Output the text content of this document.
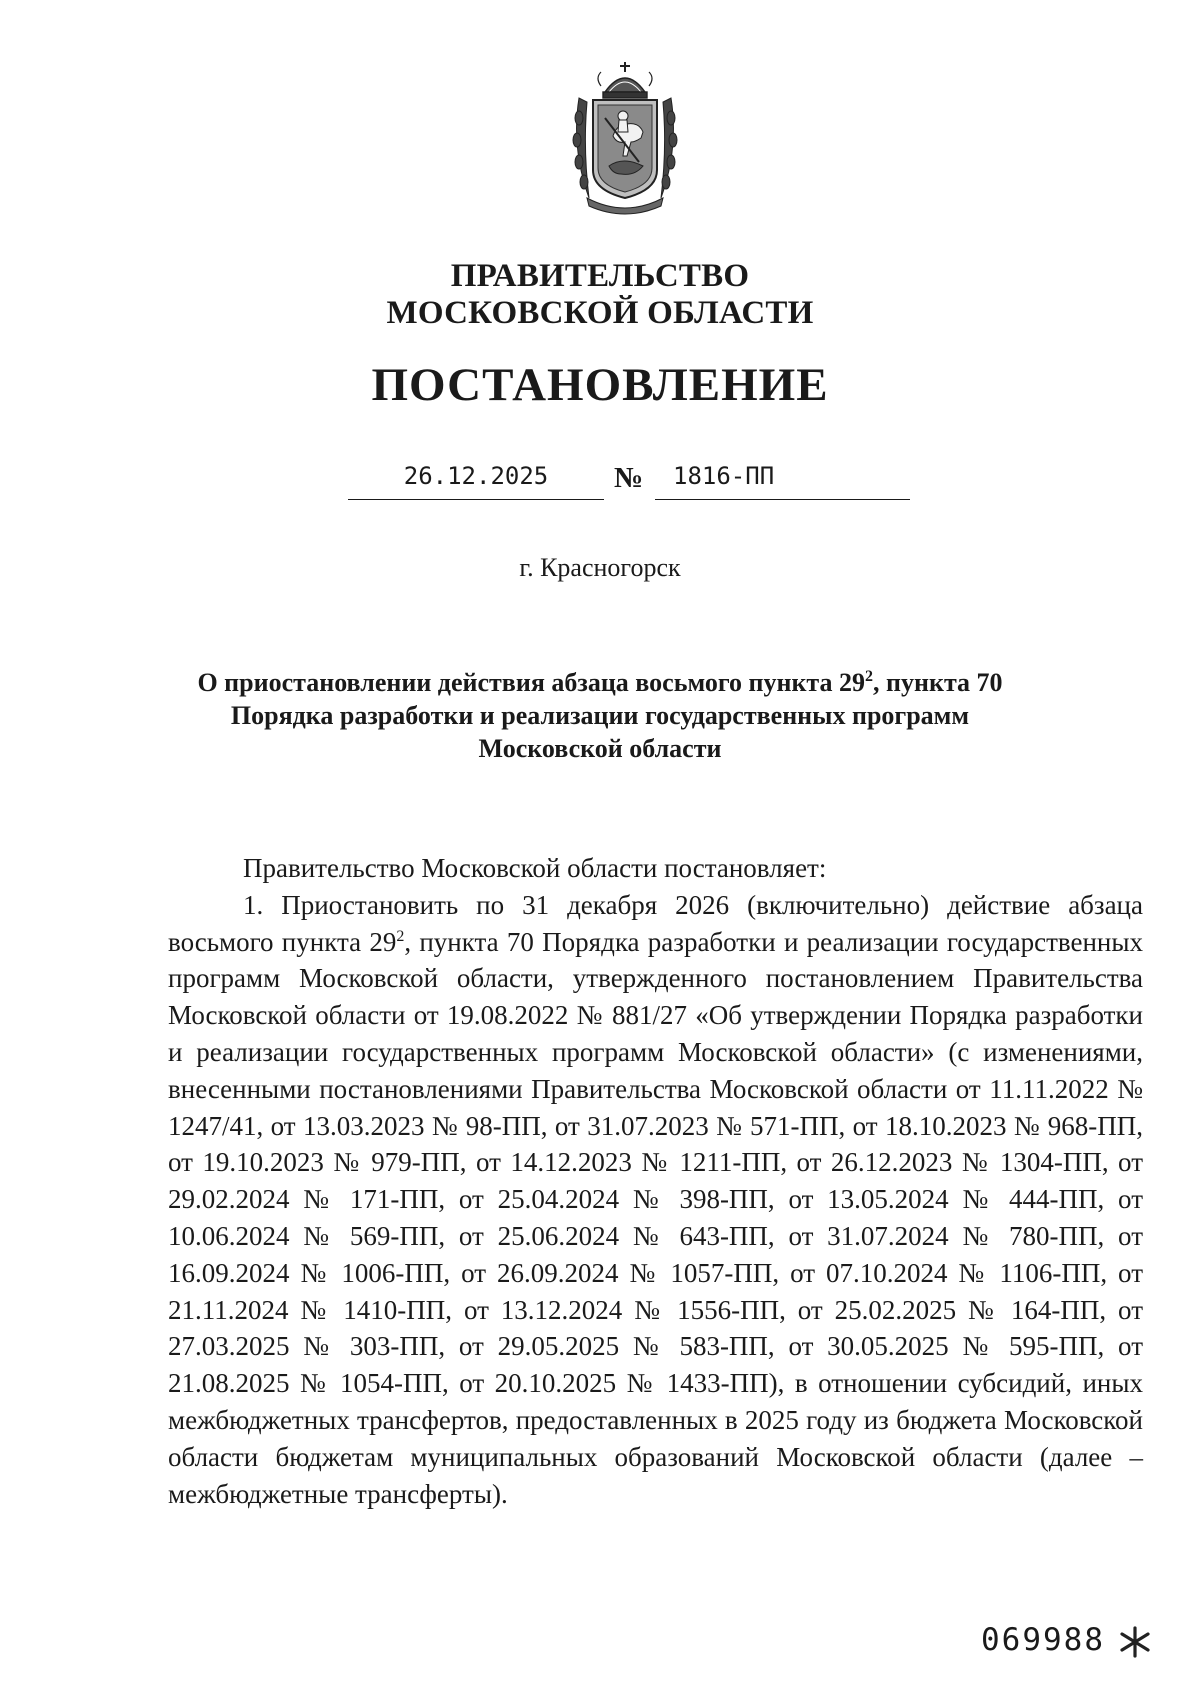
ПРАВИТЕЛЬСТВО
МОСКОВСКОЙ ОБЛАСТИ
ПОСТАНОВЛЕНИЕ
26.12.2025	№	1816-ПП
г. Красногорск
О приостановлении действия абзаца восьмого пункта $29^2$, пункта 70
Порядка разработки и реализации государственных программ
Московской области

Правительство Московской области постановляет:

1. Приостановить по 31 декабря 2026 (включительно) действие абзаца восьмого пункта $29^2$, пункта 70 Порядка разработки и реализации государственных программ Московской области, утвержденного постановлением Правительства Московской области от 19.08.2022 № 881/27 «Об утверждении Порядка разработки и реализации государственных программ Московской области» (с изменениями, внесенными постановлениями Правительства Московской области от 11.11.2022 № 1247/41, от 13.03.2023 № 98-ПП, от 31.07.2023 № 571-ПП, от 18.10.2023 № 968-ПП, от 19.10.2023 № 979-ПП, от 14.12.2023 № 1211-ПП, от 26.12.2023 № 1304-ПП, от 29.02.2024 № 171-ПП, от 25.04.2024 № 398-ПП, от 13.05.2024 № 444-ПП, от 10.06.2024 № 569-ПП, от 25.06.2024 № 643-ПП, от 31.07.2024 № 780-ПП, от 16.09.2024 № 1006-ПП, от 26.09.2024 № 1057-ПП, от 07.10.2024 № 1106-ПП, от 21.11.2024 № 1410-ПП, от 13.12.2024 № 1556-ПП, от 25.02.2025 № 164-ПП, от 27.03.2025 № 303-ПП, от 29.05.2025 № 583-ПП, от 30.05.2025 № 595-ПП, от 21.08.2025 № 1054-ПП, от 20.10.2025 № 1433-ПП), в отношении субсидий, иных межбюджетных трансфертов, предоставленных в 2025 году из бюджета Московской области бюджетам муниципальных образований Московской области (далее – межбюджетные трансферты).

069988
